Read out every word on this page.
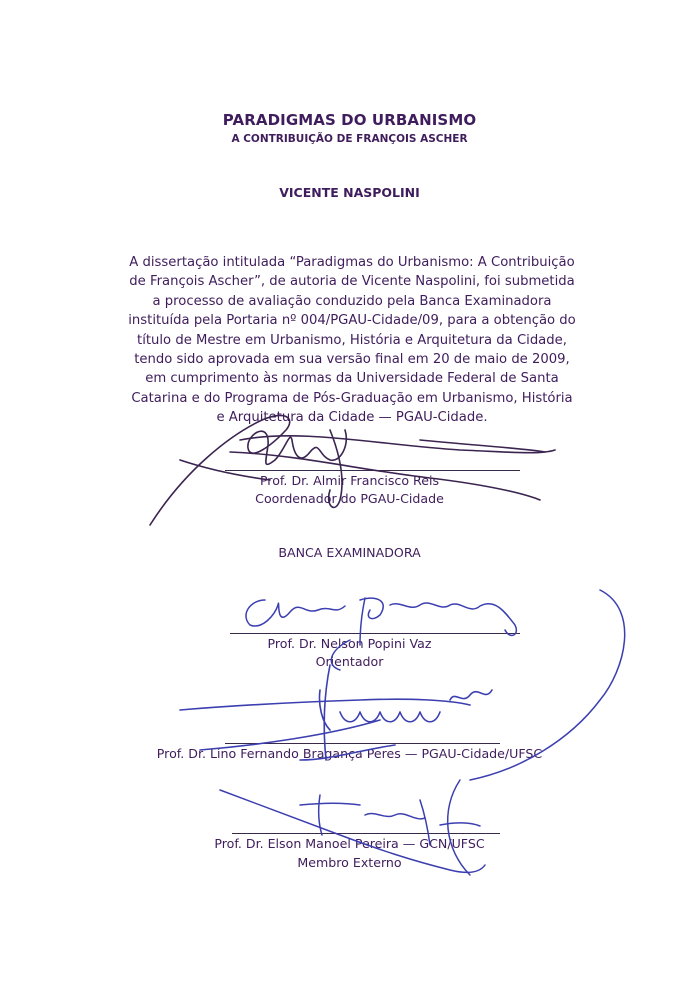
PARADIGMAS DO URBANISMO
A CONTRIBUIÇÃO DE FRANÇOIS ASCHER
VICENTE NASPOLINI
A dissertação intitulada “Paradigmas do Urbanismo: A Contribuição de François Ascher”, de autoria de Vicente Naspolini, foi submetida a processo de avaliação conduzido pela Banca Examinadora instituída pela Portaria nº 004/PGAU-Cidade/09, para a obtenção do título de Mestre em Urbanismo, História e Arquitetura da Cidade, tendo sido aprovada em sua versão final em 20 de maio de 2009, em cumprimento às normas da Universidade Federal de Santa Catarina e do Programa de Pós-Graduação em Urbanismo, História e Arquitetura da Cidade — PGAU-Cidade.
Prof. Dr. Almir Francisco Reis
Coordenador do PGAU-Cidade
BANCA EXAMINADORA
Prof. Dr. Nelson Popini Vaz
Orientador
Prof. Dr. Lino Fernando Bragança Peres — PGAU-Cidade/UFSC
Prof. Dr. Elson Manoel Pereira — GCN/UFSC
Membro Externo
